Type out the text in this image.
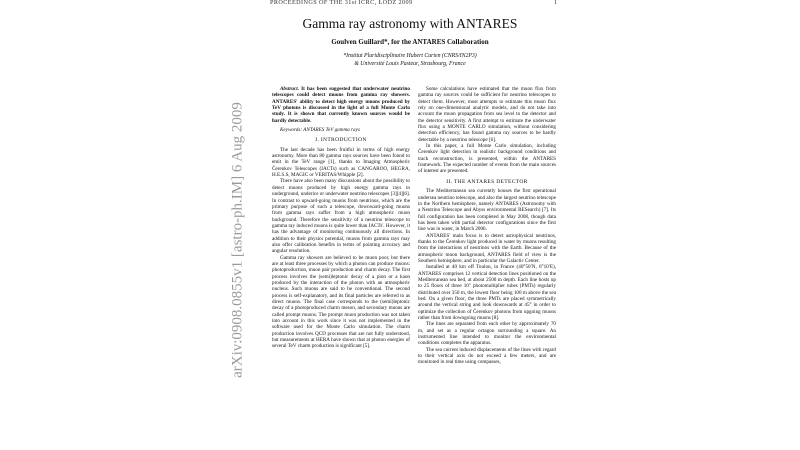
PROCEEDINGS OF THE 31st ICRC, ŁÓDŹ 2009	1
arXiv:0908.0855v1 [astro-ph.IM] 6 Aug 2009
Gamma ray astronomy with ANTARES
Goulven Guillard*, for the ANTARES Collaboration
*Institut Pluridisciplinaire Hubert Curien (CNRS/IN2P3)
& Université Louis Pasteur, Strasbourg, France

Abstract. It has been suggested that underwater neutrino telescopes could detect muons from gamma ray showers. ANTARES' ability to detect high energy muons produced by TeV photons is discussed in the light of a full Monte Carlo study. It is shown that currently known sources would be hardly detectable.

Keywords: ANTARES TeV gamma rays

I. INTRODUCTION

The last decade has been fruitful in terms of high energy astronomy. More than 80 gamma rays sources have been found to emit in the TeV range [1], thanks to Imaging Atmospheric Čerenkov Telescopes (IACTs) such as CANGAROO, HEGRA, H.E.S.S, MAGIC or VERITAS/Whipple [2].

There have also been many discussions about the possibility to detect muons produced by high energy gamma rays in underground, underice or underwater neutrino telescopes [3][4][6]. In contrast to upward-going muons from neutrinos, which are the primary purpose of such a telescope, downward-going muons from gamma rays suffer from a high atmospheric muon background. Therefore the sensitivity of a neutrino telescope to gamma ray induced muons is quite lower than IACTs'. However, it has the advantage of monitoring continuously all directions. In addition to their physics potential, muons from gamma rays may also offer calibration benefits in terms of pointing accuracy and angular resolution.

Gamma ray showers are believed to be muon poor, but there are at least three processes by which a photon can produce muons: photoproduction, muon pair production and charm decay. The first process involves the (semi)leptonic decay of a pion or a kaon produced by the interaction of the photon with an atmospheric nucleus. Such muons are said to be conventional. The second process is self-explanatory, and its final particles are referred to as direct muons. The final case corresponds to the (semi)leptonic decay of a photoproduced charm meson, and secondary muons are called prompt muons. The prompt muon production was not taken into account in this work since it was not implemented in the software used for the Monte Carlo simulation. The charm production involves QCD processes that are not fully understood, but measurements at HERA have shown that at photon energies of several TeV charm production is significant [5].

Some calculations have estimated that the muon flux from gamma ray sources could be sufficient for neutrino telescopes to detect them. However, most attempts to estimate this muon flux rely on one-dimensional analytic models, and do not take into account the muon propagation from sea level to the detector and the detector sensitivity. A first attempt to estimate the underwater flux using a MONTE CARLO simulation, without considering detection efficiency, has found gamma ray sources to be hardly detectable by a neutrino telescope [6].

In this paper, a full Monte Carlo simulation, including Čerenkov light detection in realistic background conditions and track reconstruction, is presented, within the ANTARES framework. The expected number of events from the main sources of interest are presented.

II. THE ANTARES DETECTOR

The Mediterranean sea currently houses the first operational undersea neutrino telescope, and also the largest neutrino telescope in the Northern hemisphere, namely ANTARES (Astronomy with a Neutrino Telescope and Abyss environmental RESearch) [7]. Its full configuration has been completed in May 2008, though data has been taken with partial detector configurations since the first line was in water, in March 2006.

ANTARES' main focus is to detect astrophysical neutrinos, thanks to the Čerenkov light produced in water by muons resulting from the interactions of neutrinos with the Earth. Because of the atmospheric muon background, ANTARES field of view is the Southern hemisphere, and in particular the Galactic Center.

Installed at 40 km off Toulon, in France (40°50′N, 6°10′E), ANTARES comprises 12 vertical detection lines positioned on the Mediterranean sea bed, at about 2500 m depth. Each line hosts up to 25 floors of three 10″ photomultiplier tubes (PMTs) regularly distributed over 350 m, the lowest floor being 100 m above the sea bed. On a given floor, the three PMTs are placed symmetrically around the vertical string and look downwards at 45° in order to optimize the collection of Čerenkov photons from upgoing muons rather than from downgoing muons [8].

The lines are separated from each other by approximately 70 m, and set as a regular octagon surrounding a square. An instrumented line intended to monitor the environmental conditions completes the apparatus.

The sea current induced displacements of the lines with regard to their vertical axis do not exceed a few meters, and are monitored in real time using compasses,
